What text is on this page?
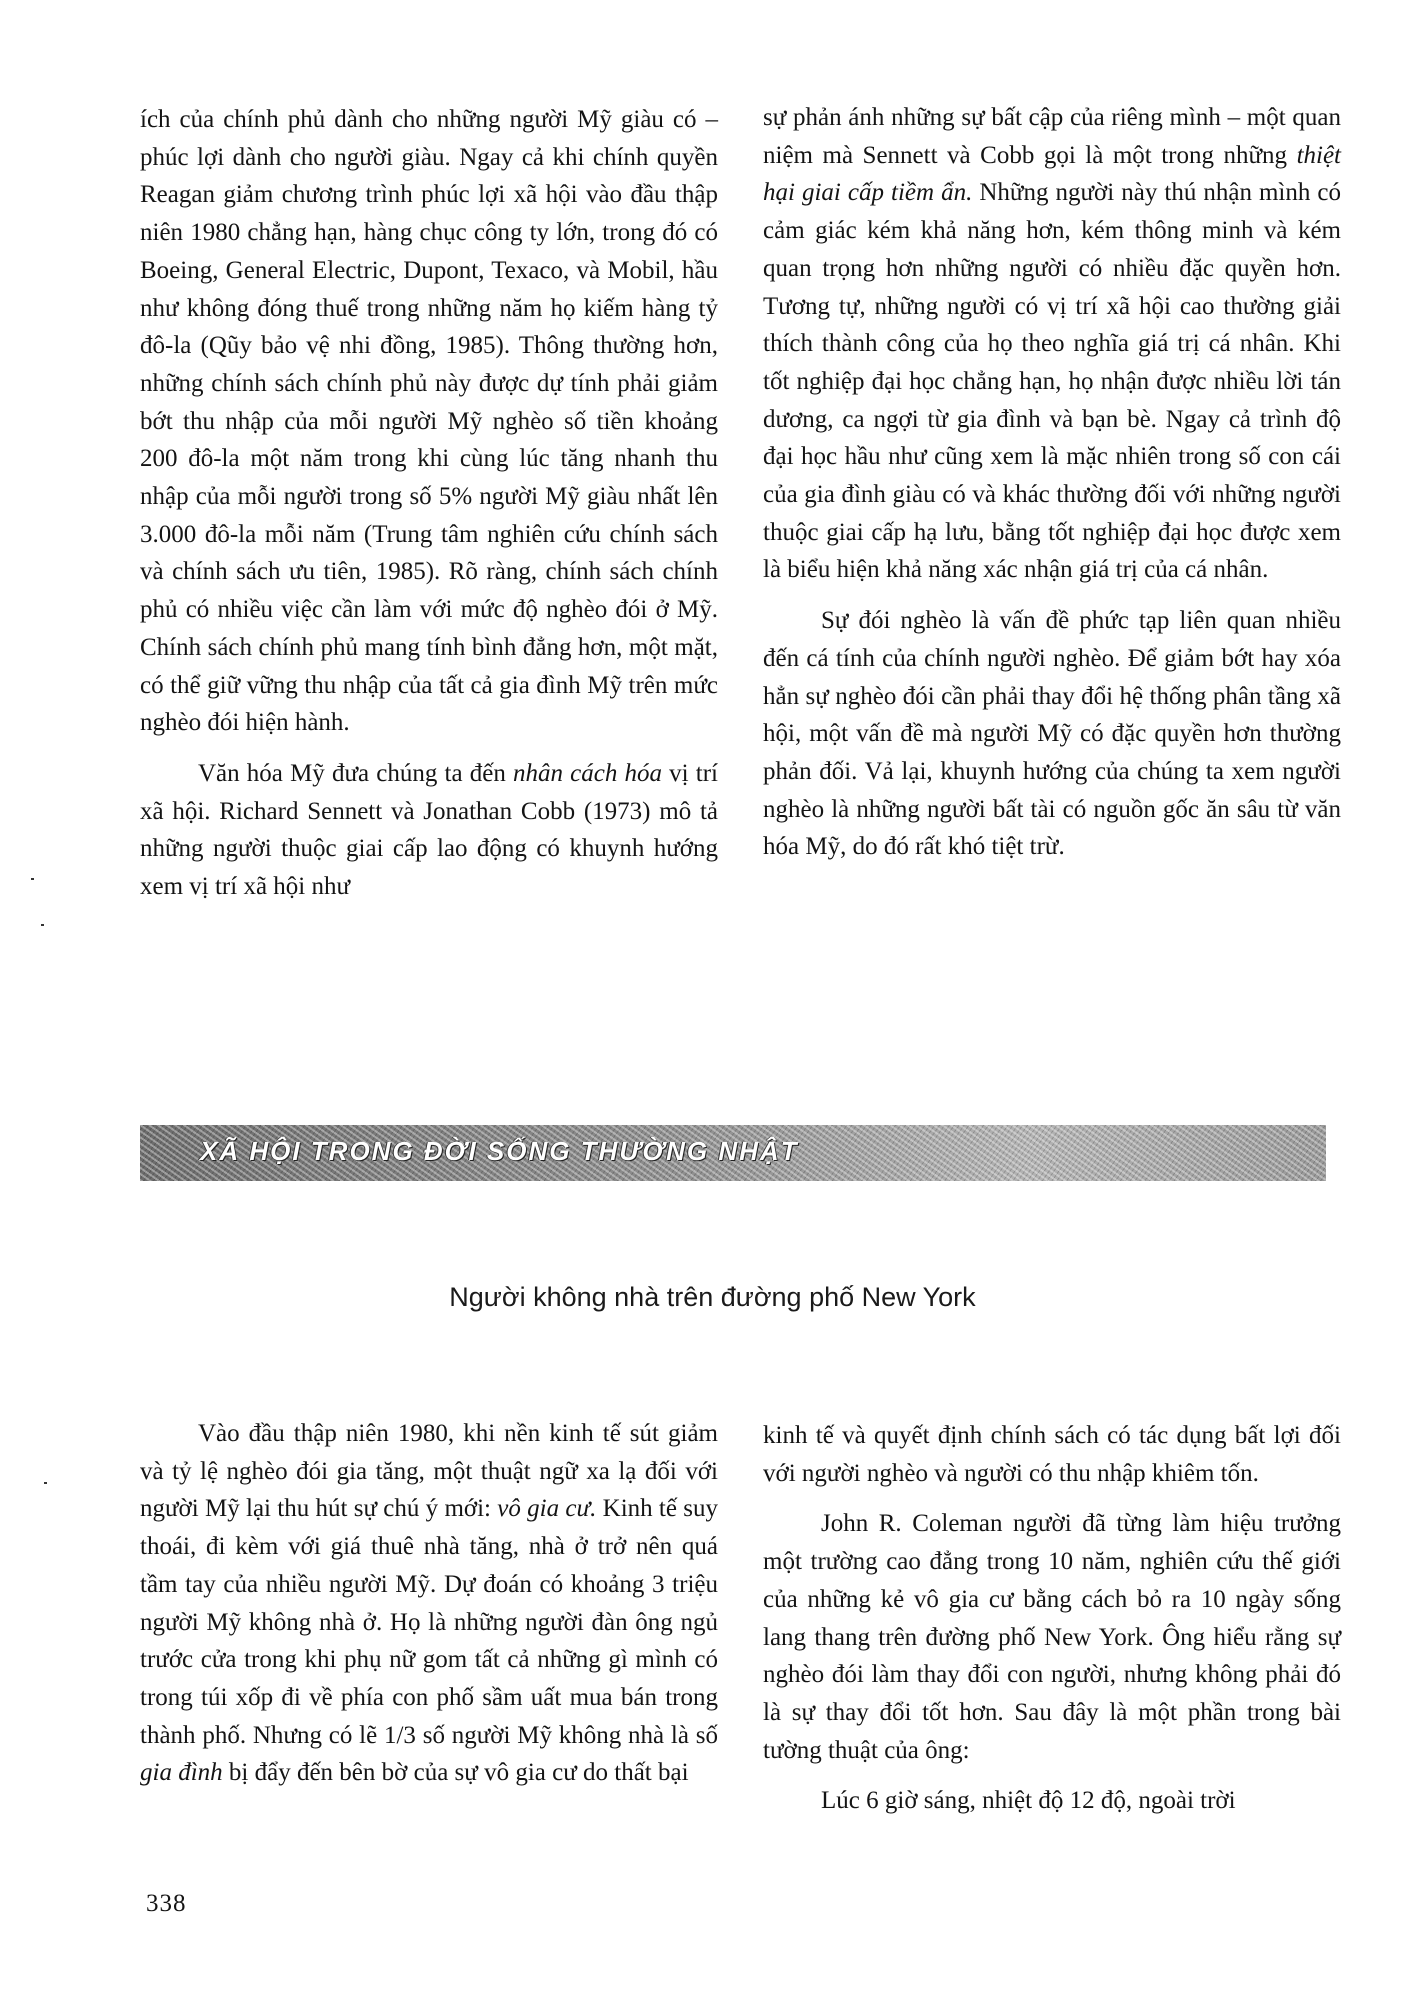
ích của chính phủ dành cho những người Mỹ giàu có – phúc lợi dành cho người giàu. Ngay cả khi chính quyền Reagan giảm chương trình phúc lợi xã hội vào đầu thập niên 1980 chẳng hạn, hàng chục công ty lớn, trong đó có Boeing, General Electric, Dupont, Texaco, và Mobil, hầu như không đóng thuế trong những năm họ kiếm hàng tỷ đô-la (Qũy bảo vệ nhi đồng, 1985). Thông thường hơn, những chính sách chính phủ này được dự tính phải giảm bớt thu nhập của mỗi người Mỹ nghèo số tiền khoảng 200 đô-la một năm trong khi cùng lúc tăng nhanh thu nhập của mỗi người trong số 5% người Mỹ giàu nhất lên 3.000 đô-la mỗi năm (Trung tâm nghiên cứu chính sách và chính sách ưu tiên, 1985). Rõ ràng, chính sách chính phủ có nhiều việc cần làm với mức độ nghèo đói ở Mỹ. Chính sách chính phủ mang tính bình đẳng hơn, một mặt, có thể giữ vững thu nhập của tất cả gia đình Mỹ trên mức nghèo đói hiện hành.

Văn hóa Mỹ đưa chúng ta đến nhân cách hóa vị trí xã hội. Richard Sennett và Jonathan Cobb (1973) mô tả những người thuộc giai cấp lao động có khuynh hướng xem vị trí xã hội như

sự phản ánh những sự bất cập của riêng mình – một quan niệm mà Sennett và Cobb gọi là một trong những thiệt hại giai cấp tiềm ẩn. Những người này thú nhận mình có cảm giác kém khả năng hơn, kém thông minh và kém quan trọng hơn những người có nhiều đặc quyền hơn. Tương tự, những người có vị trí xã hội cao thường giải thích thành công của họ theo nghĩa giá trị cá nhân. Khi tốt nghiệp đại học chẳng hạn, họ nhận được nhiều lời tán dương, ca ngợi từ gia đình và bạn bè. Ngay cả trình độ đại học hầu như cũng xem là mặc nhiên trong số con cái của gia đình giàu có và khác thường đối với những người thuộc giai cấp hạ lưu, bằng tốt nghiệp đại học được xem là biểu hiện khả năng xác nhận giá trị của cá nhân.

Sự đói nghèo là vấn đề phức tạp liên quan nhiều đến cá tính của chính người nghèo. Để giảm bớt hay xóa hẳn sự nghèo đói cần phải thay đổi hệ thống phân tầng xã hội, một vấn đề mà người Mỹ có đặc quyền hơn thường phản đối. Vả lại, khuynh hướng của chúng ta xem người nghèo là những người bất tài có nguồn gốc ăn sâu từ văn hóa Mỹ, do đó rất khó tiệt trừ.

XÃ HỘI TRONG ĐỜI SỐNG THƯỜNG NHẬT
Người không nhà trên đường phố New York

Vào đầu thập niên 1980, khi nền kinh tế sút giảm và tỷ lệ nghèo đói gia tăng, một thuật ngữ xa lạ đối với người Mỹ lại thu hút sự chú ý mới: vô gia cư. Kinh tế suy thoái, đi kèm với giá thuê nhà tăng, nhà ở trở nên quá tầm tay của nhiều người Mỹ. Dự đoán có khoảng 3 triệu người Mỹ không nhà ở. Họ là những người đàn ông ngủ trước cửa trong khi phụ nữ gom tất cả những gì mình có trong túi xốp đi về phía con phố sầm uất mua bán trong thành phố. Nhưng có lẽ 1/3 số người Mỹ không nhà là số gia đình bị đẩy đến bên bờ của sự vô gia cư do thất bại

kinh tế và quyết định chính sách có tác dụng bất lợi đối với người nghèo và người có thu nhập khiêm tốn.

John R. Coleman người đã từng làm hiệu trưởng một trường cao đẳng trong 10 năm, nghiên cứu thế giới của những kẻ vô gia cư bằng cách bỏ ra 10 ngày sống lang thang trên đường phố New York. Ông hiểu rằng sự nghèo đói làm thay đổi con người, nhưng không phải đó là sự thay đổi tốt hơn. Sau đây là một phần trong bài tường thuật của ông:

Lúc 6 giờ sáng, nhiệt độ 12 độ, ngoài trời

338
